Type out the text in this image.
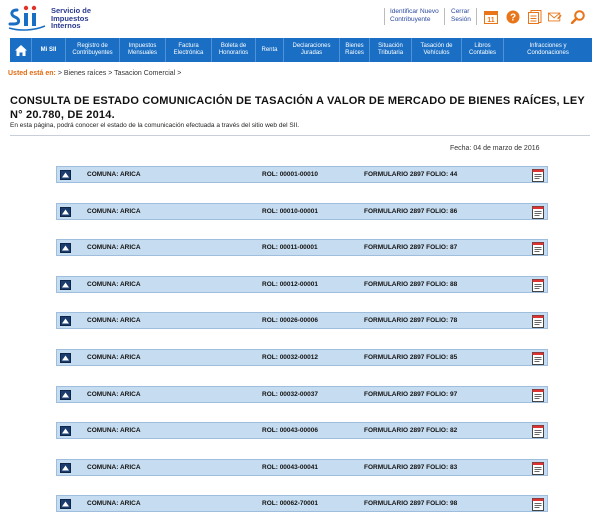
Servicio de
Impuestos
Internos
Identificar Nuevo
Contribuyente
Cerrar
Sesión 11 ?
Mi SII
Registro de
Contribuyentes
Impuestos
Mensuales
Factura
Electrónica
Boleta de
Honorarios
Renta
Declaraciones
Juradas
Bienes
Raíces
Situación
Tributaria
Tasación de
Vehículos
Libros
Contables
Infracciones y
Condonaciones
Usted está en: > Bienes raíces > Tasacion Comercial >
CONSULTA DE ESTADO COMUNICACIÓN DE TASACIÓN A VALOR DE MERCADO DE BIENES RAÍCES, LEY N° 20.780, DE 2014.
En esta página, podrá conocer el estado de la comunicación efectuada a través del sitio web del SII.
Fecha: 04 de marzo de 2016
COMUNA: ARICA	ROL: 00001-00010	FORMULARIO 2897 FOLIO: 44
COMUNA: ARICA	ROL: 00010-00001	FORMULARIO 2897 FOLIO: 86
COMUNA: ARICA	ROL: 00011-00001	FORMULARIO 2897 FOLIO: 87
COMUNA: ARICA	ROL: 00012-00001	FORMULARIO 2897 FOLIO: 88
COMUNA: ARICA	ROL: 00026-00006	FORMULARIO 2897 FOLIO: 78
COMUNA: ARICA	ROL: 00032-00012	FORMULARIO 2897 FOLIO: 85
COMUNA: ARICA	ROL: 00032-00037	FORMULARIO 2897 FOLIO: 97
COMUNA: ARICA	ROL: 00043-00006	FORMULARIO 2897 FOLIO: 82
COMUNA: ARICA	ROL: 00043-00041	FORMULARIO 2897 FOLIO: 83
COMUNA: ARICA	ROL: 00062-70001	FORMULARIO 2897 FOLIO: 98
